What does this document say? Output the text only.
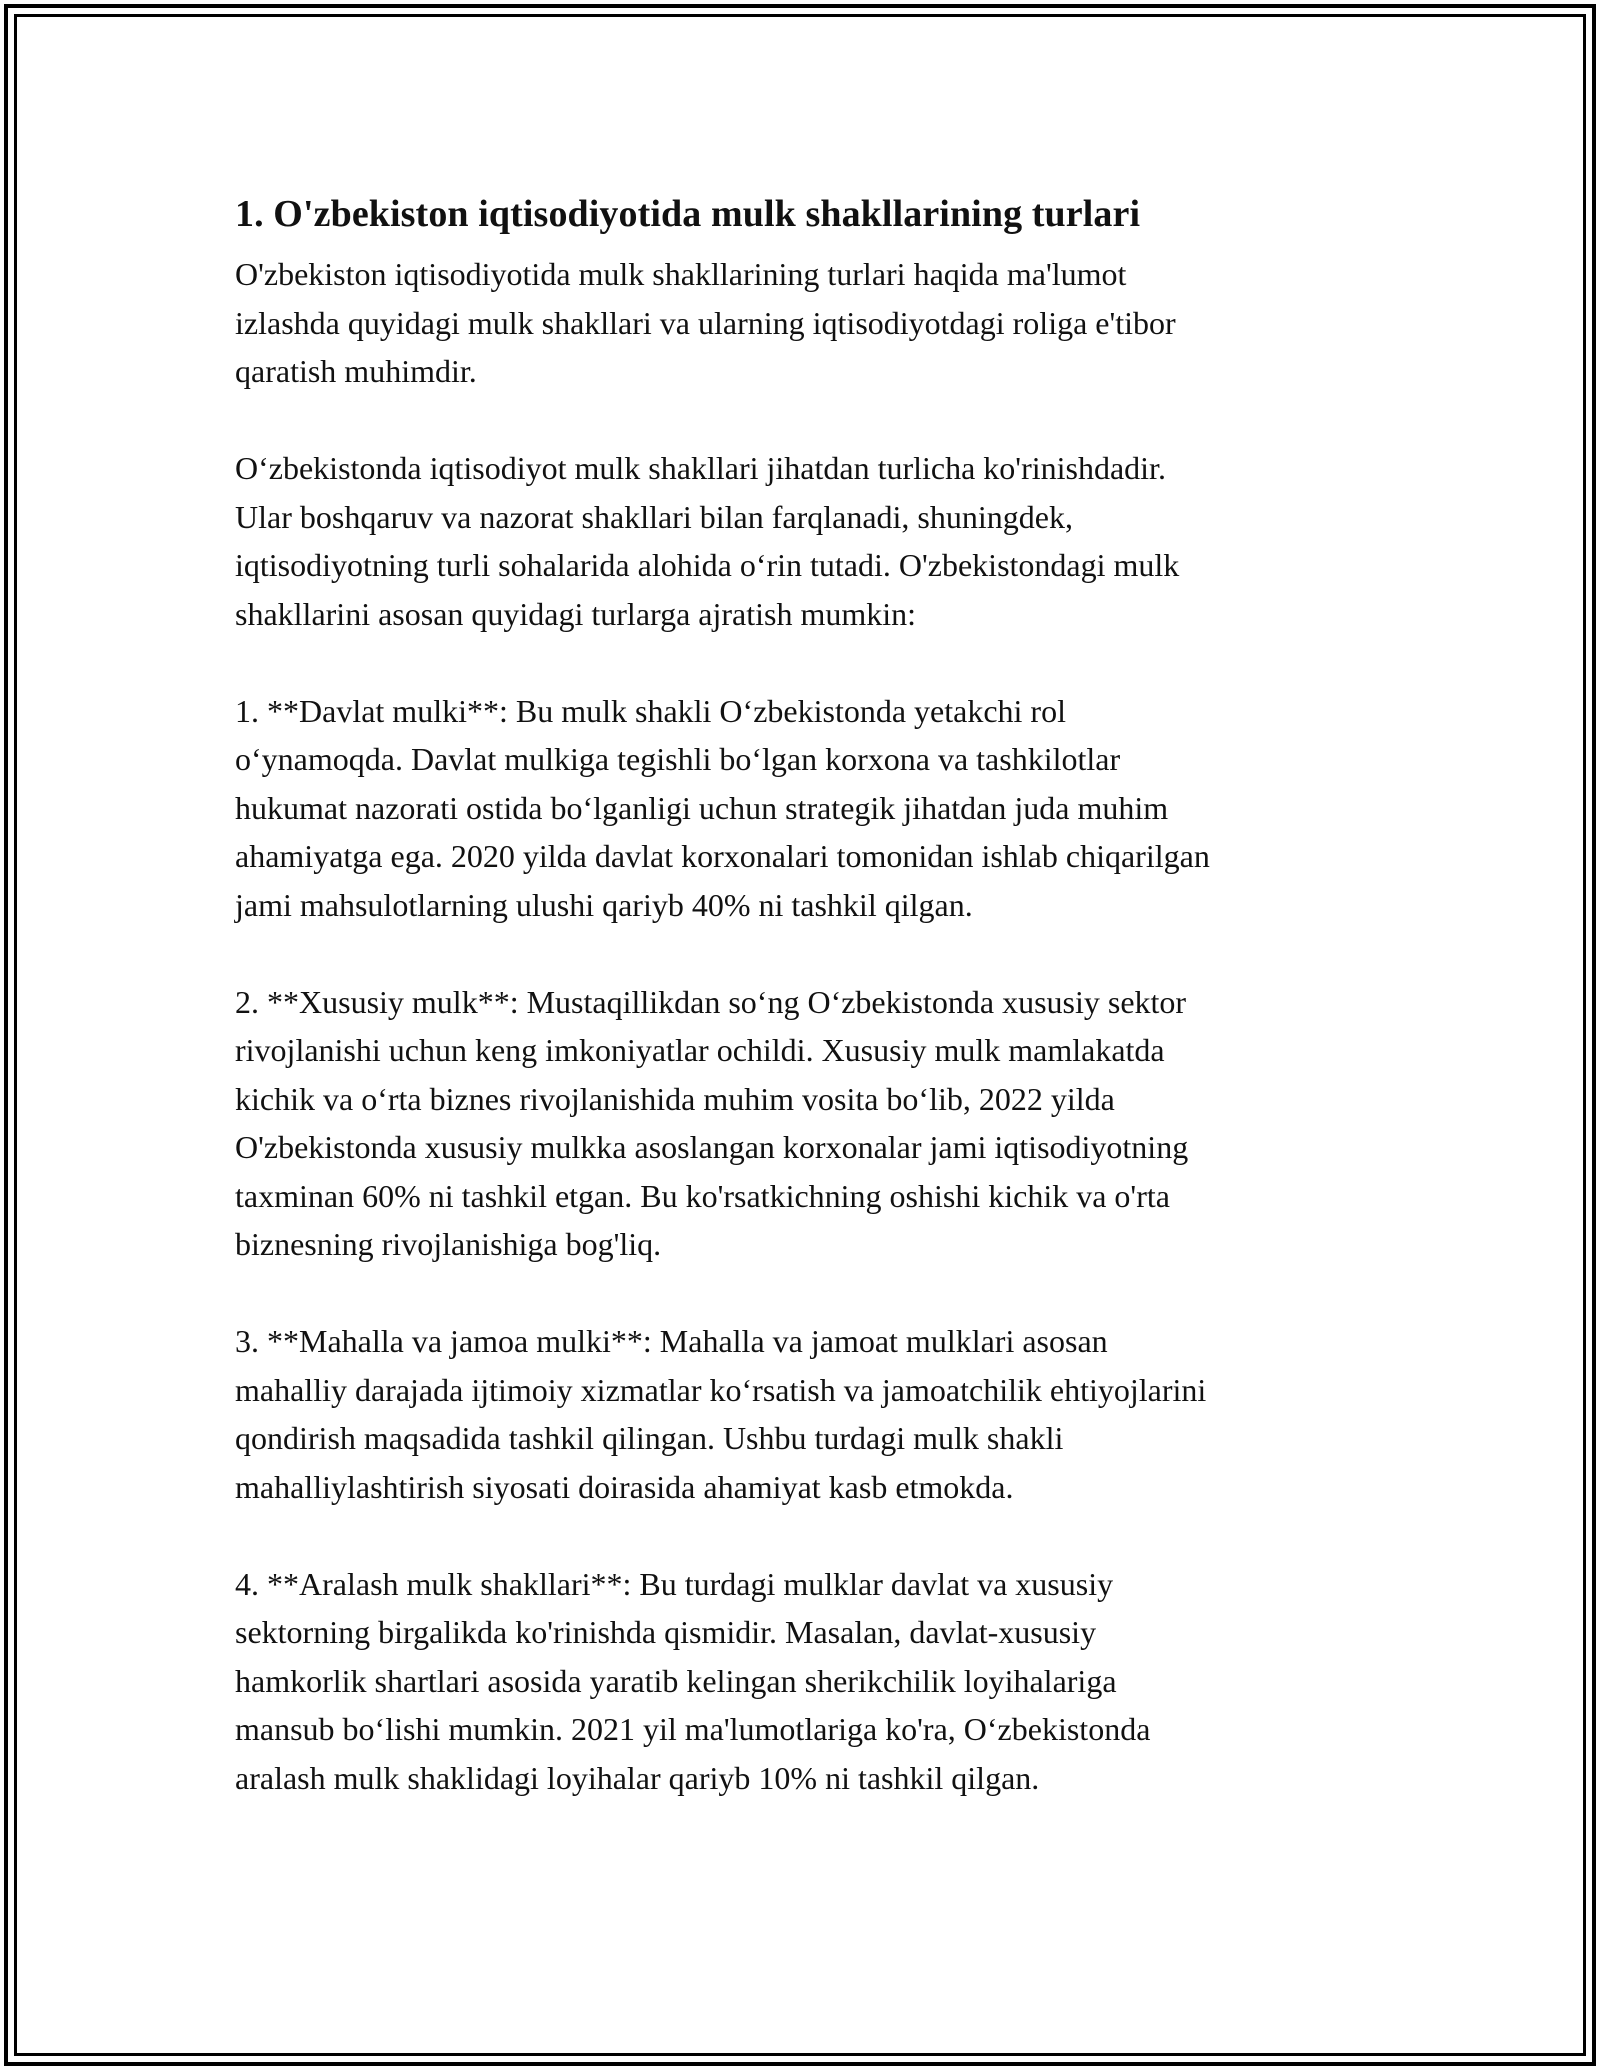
1. O'zbekiston iqtisodiyotida mulk shakllarining turlari

O'zbekiston iqtisodiyotida mulk shakllarining turlari haqida ma'lumot
izlashda quyidagi mulk shakllari va ularning iqtisodiyotdagi roliga e'tibor
qaratish muhimdir.

O‘zbekistonda iqtisodiyot mulk shakllari jihatdan turlicha ko'rinishdadir.
Ular boshqaruv va nazorat shakllari bilan farqlanadi, shuningdek,
iqtisodiyotning turli sohalarida alohida o‘rin tutadi. O'zbekistondagi mulk
shakllarini asosan quyidagi turlarga ajratish mumkin:

1. **Davlat mulki**: Bu mulk shakli O‘zbekistonda yetakchi rol
o‘ynamoqda. Davlat mulkiga tegishli bo‘lgan korxona va tashkilotlar
hukumat nazorati ostida bo‘lganligi uchun strategik jihatdan juda muhim
ahamiyatga ega. 2020 yilda davlat korxonalari tomonidan ishlab chiqarilgan
jami mahsulotlarning ulushi qariyb 40% ni tashkil qilgan.

2. **Xususiy mulk**: Mustaqillikdan so‘ng O‘zbekistonda xususiy sektor
rivojlanishi uchun keng imkoniyatlar ochildi. Xususiy mulk mamlakatda
kichik va o‘rta biznes rivojlanishida muhim vosita bo‘lib, 2022 yilda
O'zbekistonda xususiy mulkka asoslangan korxonalar jami iqtisodiyotning
taxminan 60% ni tashkil etgan. Bu ko'rsatkichning oshishi kichik va o'rta
biznesning rivojlanishiga bog'liq.

3. **Mahalla va jamoa mulki**: Mahalla va jamoat mulklari asosan
mahalliy darajada ijtimoiy xizmatlar ko‘rsatish va jamoatchilik ehtiyojlarini
qondirish maqsadida tashkil qilingan. Ushbu turdagi mulk shakli
mahalliylashtirish siyosati doirasida ahamiyat kasb etmokda.

4. **Aralash mulk shakllari**: Bu turdagi mulklar davlat va xususiy
sektorning birgalikda ko'rinishda qismidir. Masalan, davlat-xususiy
hamkorlik shartlari asosida yaratib kelingan sherikchilik loyihalariga
mansub bo‘lishi mumkin. 2021 yil ma'lumotlariga ko'ra, O‘zbekistonda
aralash mulk shaklidagi loyihalar qariyb 10% ni tashkil qilgan.
